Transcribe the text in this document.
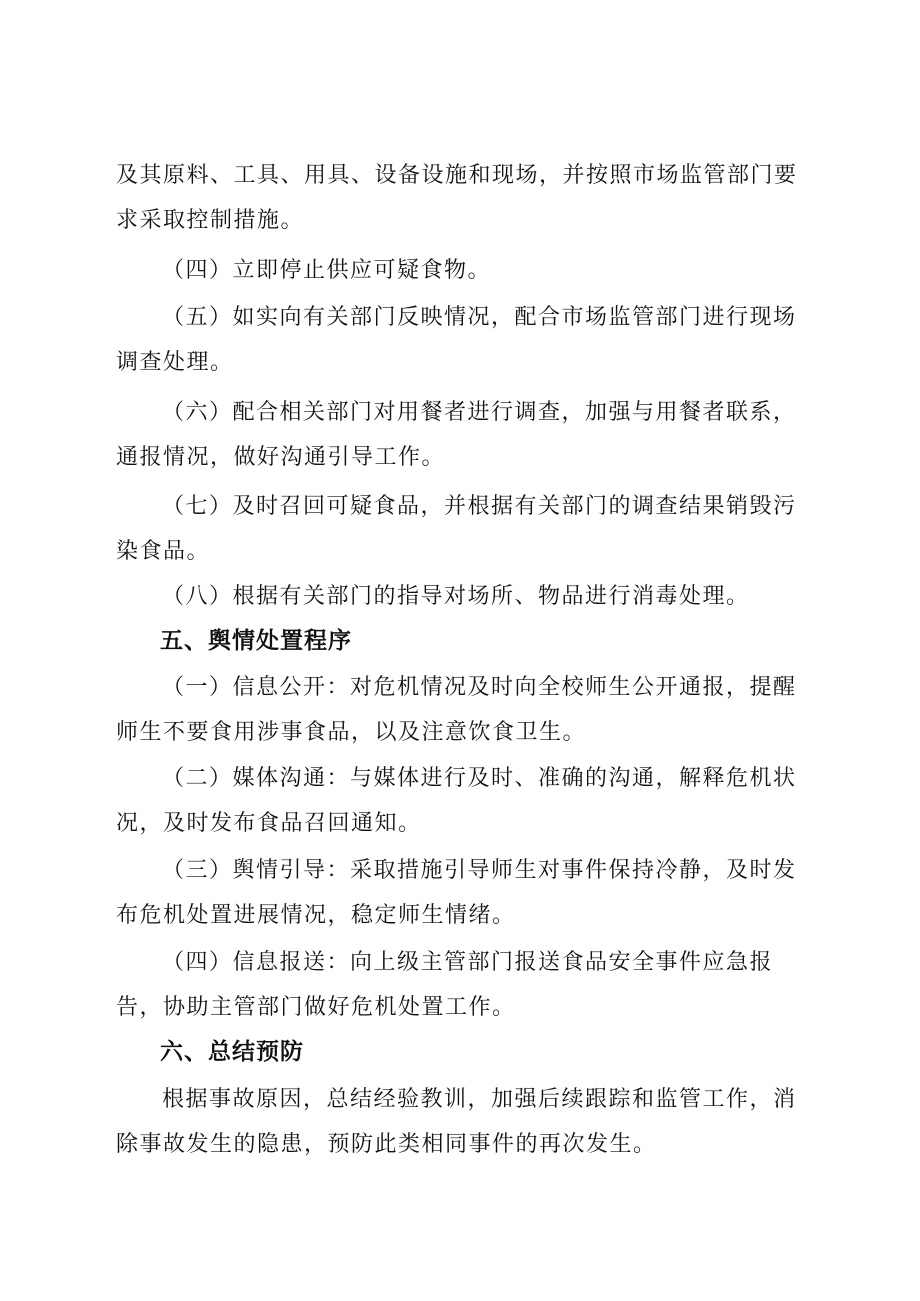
及其原料、工具、用具、设备设施和现场，并按照市场监管部门要求采取控制措施。

（四）立即停止供应可疑食物。

（五）如实向有关部门反映情况，配合市场监管部门进行现场调查处理。

（六）配合相关部门对用餐者进行调查，加强与用餐者联系，通报情况，做好沟通引导工作。

（七）及时召回可疑食品，并根据有关部门的调查结果销毁污染食品。

（八）根据有关部门的指导对场所、物品进行消毒处理。

五、舆情处置程序

（一）信息公开：对危机情况及时向全校师生公开通报，提醒师生不要食用涉事食品，以及注意饮食卫生。

（二）媒体沟通：与媒体进行及时、准确的沟通，解释危机状况，及时发布食品召回通知。

（三）舆情引导：采取措施引导师生对事件保持冷静，及时发布危机处置进展情况，稳定师生情绪。

（四）信息报送：向上级主管部门报送食品安全事件应急报告，协助主管部门做好危机处置工作。

六、总结预防

根据事故原因，总结经验教训，加强后续跟踪和监管工作，消除事故发生的隐患，预防此类相同事件的再次发生。
